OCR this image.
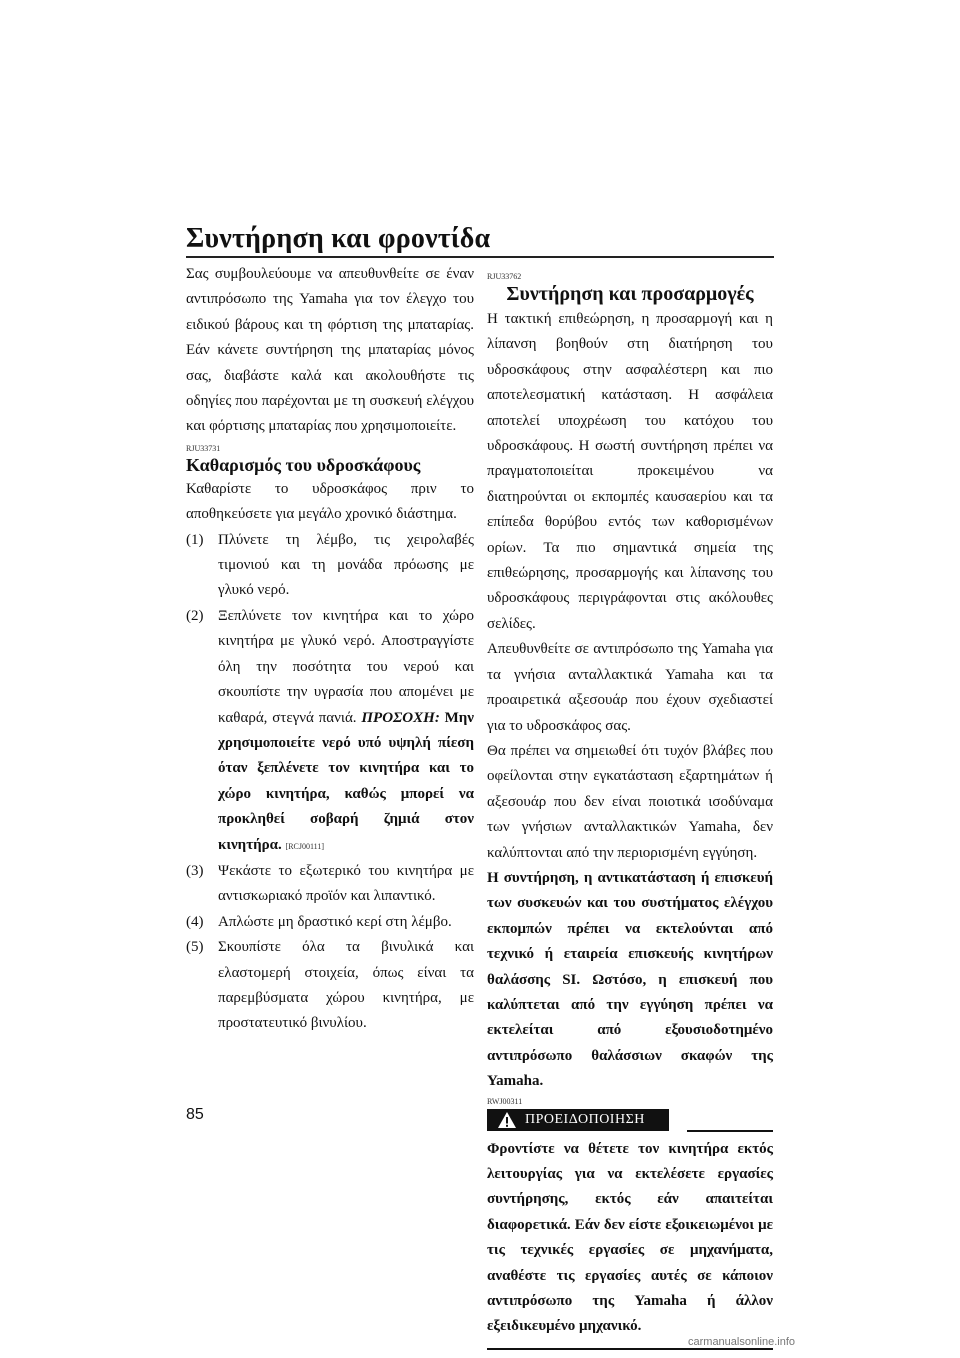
Συντήρηση και φροντίδα

Σας συμβουλεύουμε να απευθυνθείτε σε έναν αντιπρόσωπο της Yamaha για τον έλεγχο του ειδικού βάρους και τη φόρτιση της μπαταρίας. Εάν κάνετε συντήρηση της μπαταρίας μόνος σας, διαβάστε καλά και ακολουθήστε τις οδηγίες που παρέχονται με τη συσκευή ελέγχου και φόρτισης μπαταρίας που χρησιμοποιείτε.

RJU33731
Καθαρισμός του υδροσκάφους

Καθαρίστε το υδροσκάφος πριν το αποθηκεύσετε για μεγάλο χρονικό διάστημα.

(1) Πλύνετε τη λέμβο, τις χειρολαβές τιμονιού και τη μονάδα πρόωσης με γλυκό νερό.
(2) Ξεπλύνετε τον κινητήρα και το χώρο κινητήρα με γλυκό νερό. Αποστραγγίστε όλη την ποσότητα του νερού και σκουπίστε την υγρασία που απομένει με καθαρά, στεγνά πανιά. ΠΡΟΣΟΧΗ: Μην χρησιμοποιείτε νερό υπό υψηλή πίεση όταν ξεπλένετε τον κινητήρα και το χώρο κινητήρα, καθώς μπορεί να προκληθεί σοβαρή ζημιά στον κινητήρα. [RCJ00111]
(3) Ψεκάστε το εξωτερικό του κινητήρα με αντισκωριακό προϊόν και λιπαντικό.
(4) Απλώστε μη δραστικό κερί στη λέμβο.
(5) Σκουπίστε όλα τα βινυλικά και ελαστομερή στοιχεία, όπως είναι τα παρεμβύσματα χώρου κινητήρα, με προστατευτικό βινυλίου.
RJU33762
Συντήρηση και προσαρμογές

Η τακτική επιθεώρηση, η προσαρμογή και η λίπανση βοηθούν στη διατήρηση του υδροσκάφους στην ασφαλέστερη και πιο αποτελεσματική κατάσταση. Η ασφάλεια αποτελεί υποχρέωση του κατόχου του υδροσκάφους. Η σωστή συντήρηση πρέπει να πραγματοποιείται προκειμένου να διατηρούνται οι εκπομπές καυσαερίου και τα επίπεδα θορύβου εντός των καθορισμένων ορίων. Τα πιο σημαντικά σημεία της επιθεώρησης, προσαρμογής και λίπανσης του υδροσκάφους περιγράφονται στις ακόλουθες σελίδες.

Απευθυνθείτε σε αντιπρόσωπο της Yamaha για τα γνήσια ανταλλακτικά Yamaha και τα προαιρετικά αξεσουάρ που έχουν σχεδιαστεί για το υδροσκάφος σας.

Θα πρέπει να σημειωθεί ότι τυχόν βλάβες που οφείλονται στην εγκατάσταση εξαρτημάτων ή αξεσουάρ που δεν είναι ποιοτικά ισοδύναμα των γνήσιων ανταλλακτικών Yamaha, δεν καλύπτονται από την περιορισμένη εγγύηση.

Η συντήρηση, η αντικατάσταση ή επισκευή των συσκευών και του συστήματος ελέγχου εκπομπών πρέπει να εκτελούνται από τεχνικό ή εταιρεία επισκευής κινητήρων θαλάσσης SI. Ωστόσο, η επισκευή που καλύπτεται από την εγγύηση πρέπει να εκτελείται από εξουσιοδοτημένο αντιπρόσωπο θαλάσσιων σκαφών της Yamaha.

RWJ00311
ΠΡΟΕΙΔΟΠΟΙΗΣΗ

Φροντίστε να θέτετε τον κινητήρα εκτός λειτουργίας για να εκτελέσετε εργασίες συντήρησης, εκτός εάν απαιτείται διαφορετικά. Εάν δεν είστε εξοικειωμένοι με τις τεχνικές εργασίες σε μηχανήματα, αναθέστε τις εργασίες αυτές σε κάποιον αντιπρόσωπο της Yamaha ή άλλον εξειδικευμένο μηχανικό.

85
carmanualsonline.info
